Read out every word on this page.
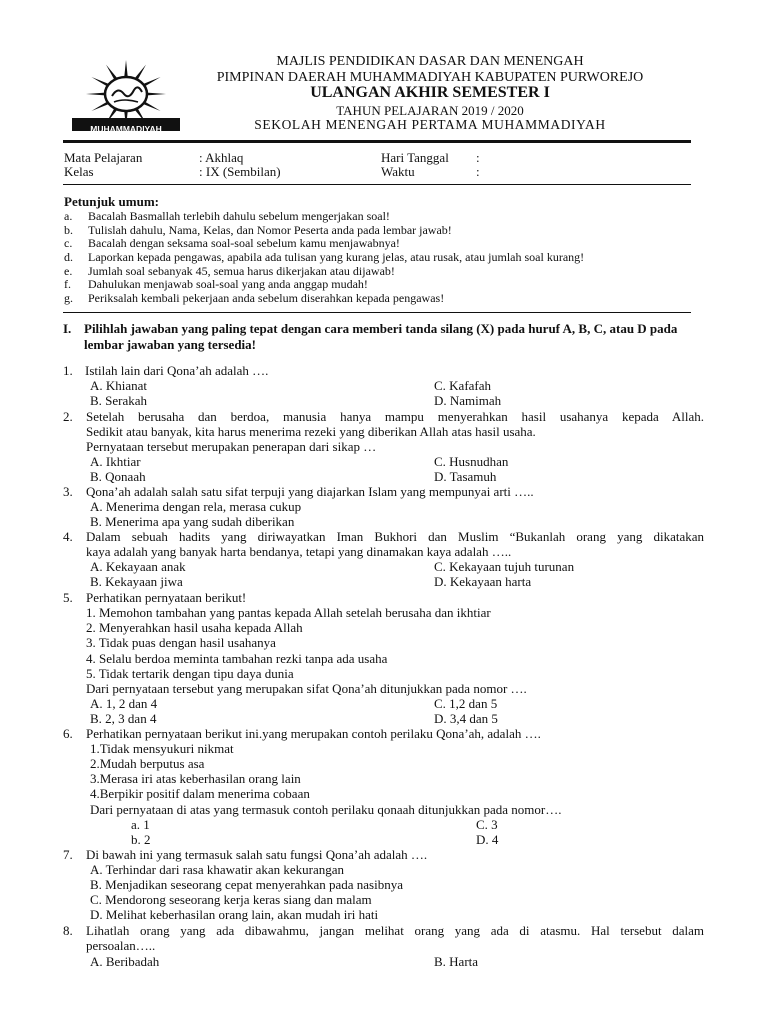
MUHAMMADIYAH
MAJLIS PENDIDIKAN DASAR DAN MENENGAH
PIMPINAN DAERAH MUHAMMADIYAH KABUPATEN PURWOREJO
ULANGAN AKHIR SEMESTER I
TAHUN PELAJARAN 2019 / 2020
SEKOLAH MENENGAH PERTAMA MUHAMMADIYAH
Mata Pelajaran	: Akhlaq	Hari Tanggal :
Kelas	: IX (Sembilan)	Waktu	:
Petunjuk umum:
a. Bacalah Basmallah terlebih dahulu sebelum mengerjakan soal!
b. Tulislah dahulu, Nama, Kelas, dan Nomor Peserta anda pada lembar jawab!
c. Bacalah dengan seksama soal-soal sebelum kamu menjawabnya!
d. Laporkan kepada pengawas, apabila ada tulisan yang kurang jelas, atau rusak, atau jumlah soal kurang!
e. Jumlah soal sebanyak 45, semua harus dikerjakan atau dijawab!
f. Dahulukan menjawab soal-soal yang anda anggap mudah!
g. Periksalah kembali pekerjaan anda sebelum diserahkan kepada pengawas!
I. Pilihlah jawaban yang paling tepat dengan cara memberi tanda silang (X) pada huruf A, B, C, atau D pada lembar jawaban yang tersedia!
1. Istilah lain dari Qona’ah adalah ….
A. Khianat
B. Serakah
C. Kafafah
D. Namimah
2. Setelah berusaha dan berdoa, manusia hanya mampu menyerahkan hasil usahanya kepada Allah.
Sedikit atau banyak, kita harus menerima rezeki yang diberikan Allah atas hasil usaha.
Pernyataan tersebut merupakan penerapan dari sikap …
A. Ikhtiar
B. Qonaah
C. Husnudhan
D. Tasamuh
3. Qona’ah adalah salah satu sifat terpuji yang diajarkan Islam yang mempunyai arti …..
A. Menerima dengan rela, merasa cukup
B. Menerima apa yang sudah diberikan
4. Dalam sebuah hadits yang diriwayatkan Iman Bukhori dan Muslim “Bukanlah orang yang dikatakan
kaya adalah yang banyak harta bendanya, tetapi yang dinamakan kaya adalah …..
A. Kekayaan anak
B. Kekayaan jiwa
C. Kekayaan tujuh turunan
D. Kekayaan harta
5. Perhatikan pernyataan berikut!
1. Memohon tambahan yang pantas kepada Allah setelah berusaha dan ikhtiar
2. Menyerahkan hasil usaha kepada Allah
3. Tidak puas dengan hasil usahanya
4. Selalu berdoa meminta tambahan rezki tanpa ada usaha
5. Tidak tertarik dengan tipu daya dunia
Dari pernyataan tersebut yang merupakan sifat Qona’ah ditunjukkan pada nomor ….
A. 1, 2 dan 4
B. 2, 3 dan 4
C. 1,2 dan 5
D. 3,4 dan 5
6. Perhatikan pernyataan berikut ini.yang merupakan contoh perilaku Qona’ah, adalah ….
1.Tidak mensyukuri nikmat
2.Mudah berputus asa
3.Merasa iri atas keberhasilan orang lain
4.Berpikir positif dalam menerima cobaan
Dari pernyataan di atas yang termasuk contoh perilaku qonaah ditunjukkan pada nomor….
a. 1
b. 2
C. 3
D. 4
7. Di bawah ini yang termasuk salah satu fungsi Qona’ah adalah ….
A. Terhindar dari rasa khawatir akan kekurangan
B. Menjadikan seseorang cepat menyerahkan pada nasibnya
C. Mendorong seseorang kerja keras siang dan malam
D. Melihat keberhasilan orang lain, akan mudah iri hati
8. Lihatlah orang yang ada dibawahmu, jangan melihat orang yang ada di atasmu. Hal tersebut dalam
persoalan…..
A. Beribadah	B. Harta
